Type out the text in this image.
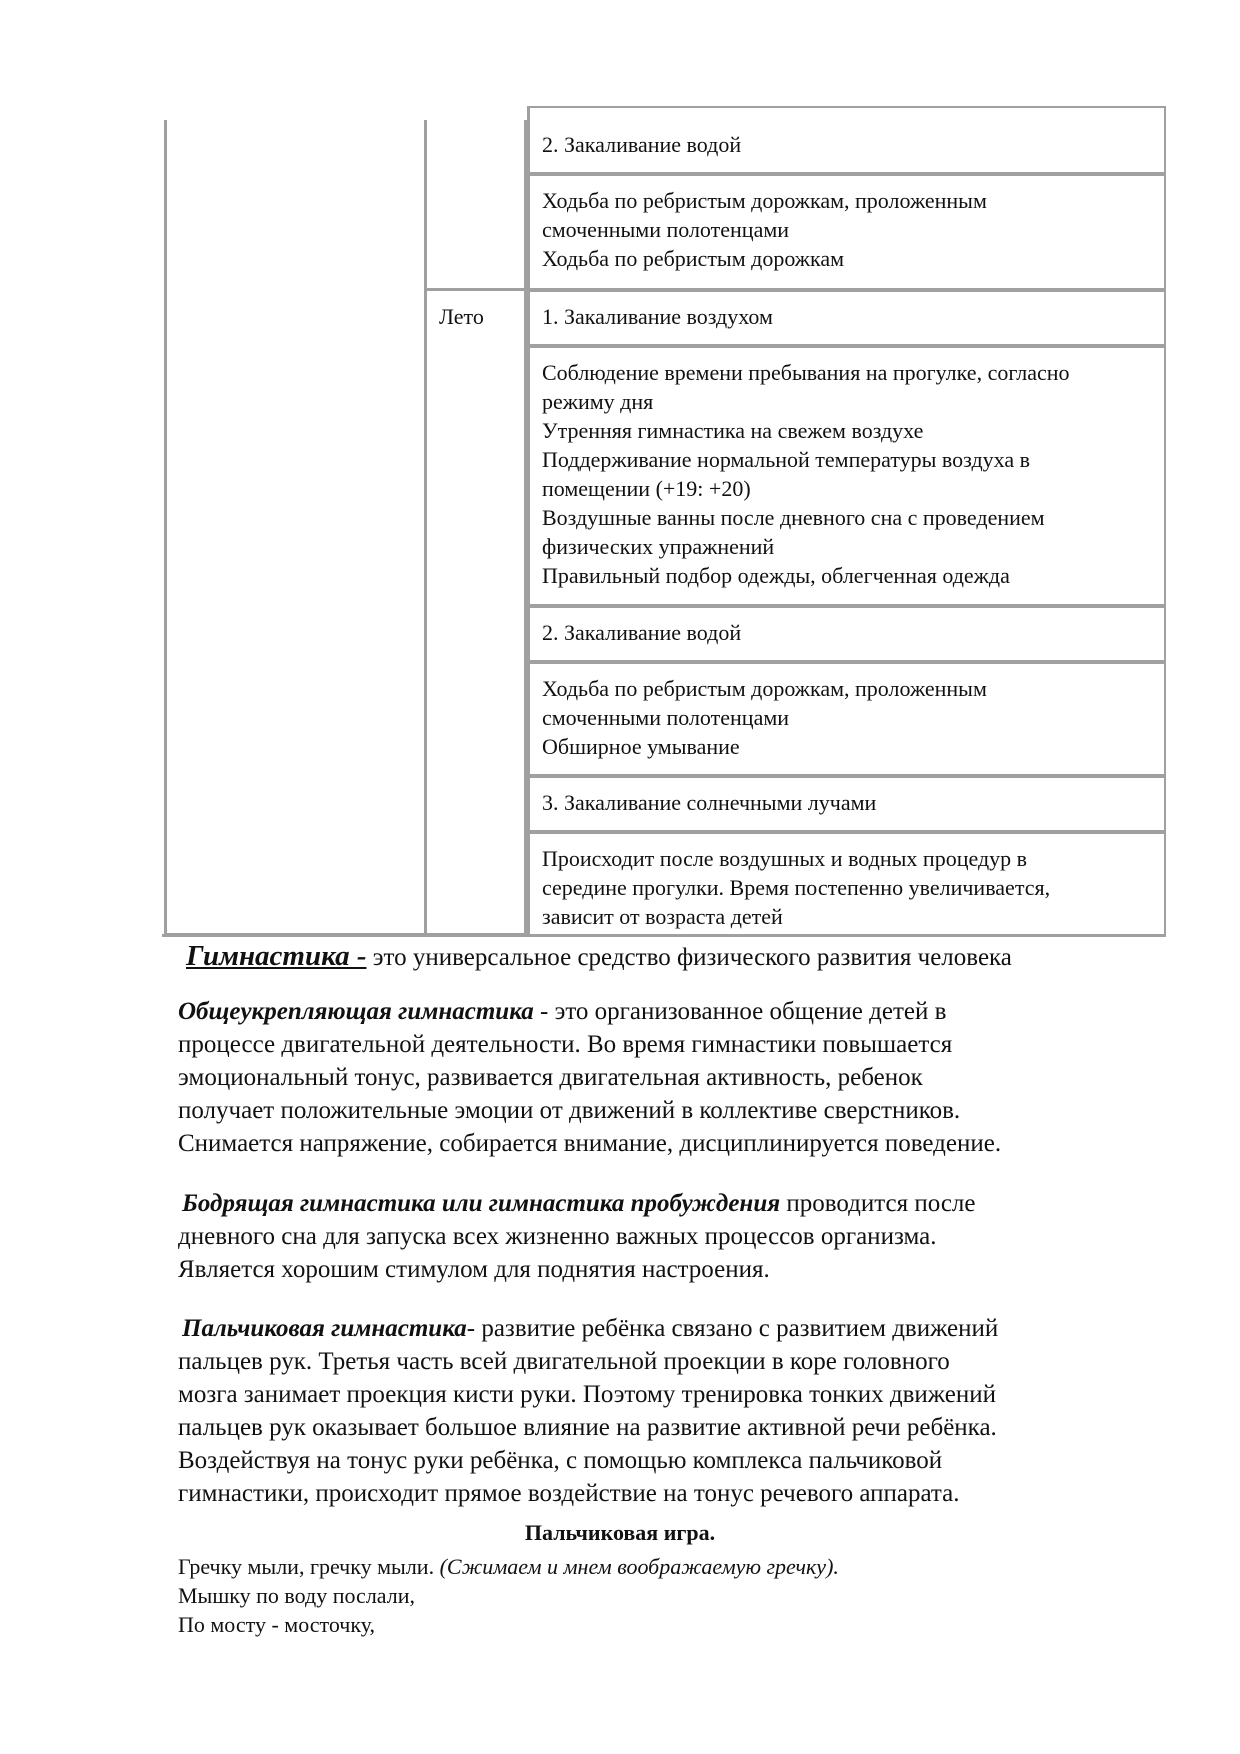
Лето
2. Закаливание водой
Ходьба по ребристым дорожкам, проложенным
смоченными полотенцами
Ходьба по ребристым дорожкам
1. Закаливание воздухом
Соблюдение времени пребывания на прогулке, согласно
режиму дня
Утренняя гимнастика на свежем воздухе
Поддерживание нормальной температуры воздуха в
помещении (+19: +20)
Воздушные ванны после дневного сна с проведением
физических упражнений
Правильный подбор одежды, облегченная одежда
2. Закаливание водой
Ходьба по ребристым дорожкам, проложенным
смоченными полотенцами
Обширное умывание
3. Закаливание солнечными лучами
Происходит после воздушных и водных процедур в
середине прогулки. Время постепенно увеличивается,
зависит от возраста детей
Гимнастика - это универсальное средство физического развития человека
Общеукрепляющая гимнастика - это организованное общение детей в
процессе двигательной деятельности. Во время гимнастики повышается
эмоциональный тонус, развивается двигательная активность, ребенок
получает положительные эмоции от движений в коллективе сверстников.
Снимается напряжение, собирается внимание, дисциплинируется поведение.
Бодрящая гимнастика или гимнастика пробуждения проводится после
дневного сна для запуска всех жизненно важных процессов организма.
Является хорошим стимулом для поднятия настроения.
Пальчиковая гимнастика- развитие ребёнка связано с развитием движений
пальцев рук. Третья часть всей двигательной проекции в коре головного
мозга занимает проекция кисти руки. Поэтому тренировка тонких движений
пальцев рук оказывает большое влияние на развитие активной речи ребёнка.
Воздействуя на тонус руки ребёнка, с помощью комплекса пальчиковой
гимнастики, происходит прямое воздействие на тонус речевого аппарата.
Пальчиковая игра.
Гречку мыли, гречку мыли. (Сжимаем и мнем воображаемую гречку).
Мышку по воду послали,
По мосту - мосточку,
